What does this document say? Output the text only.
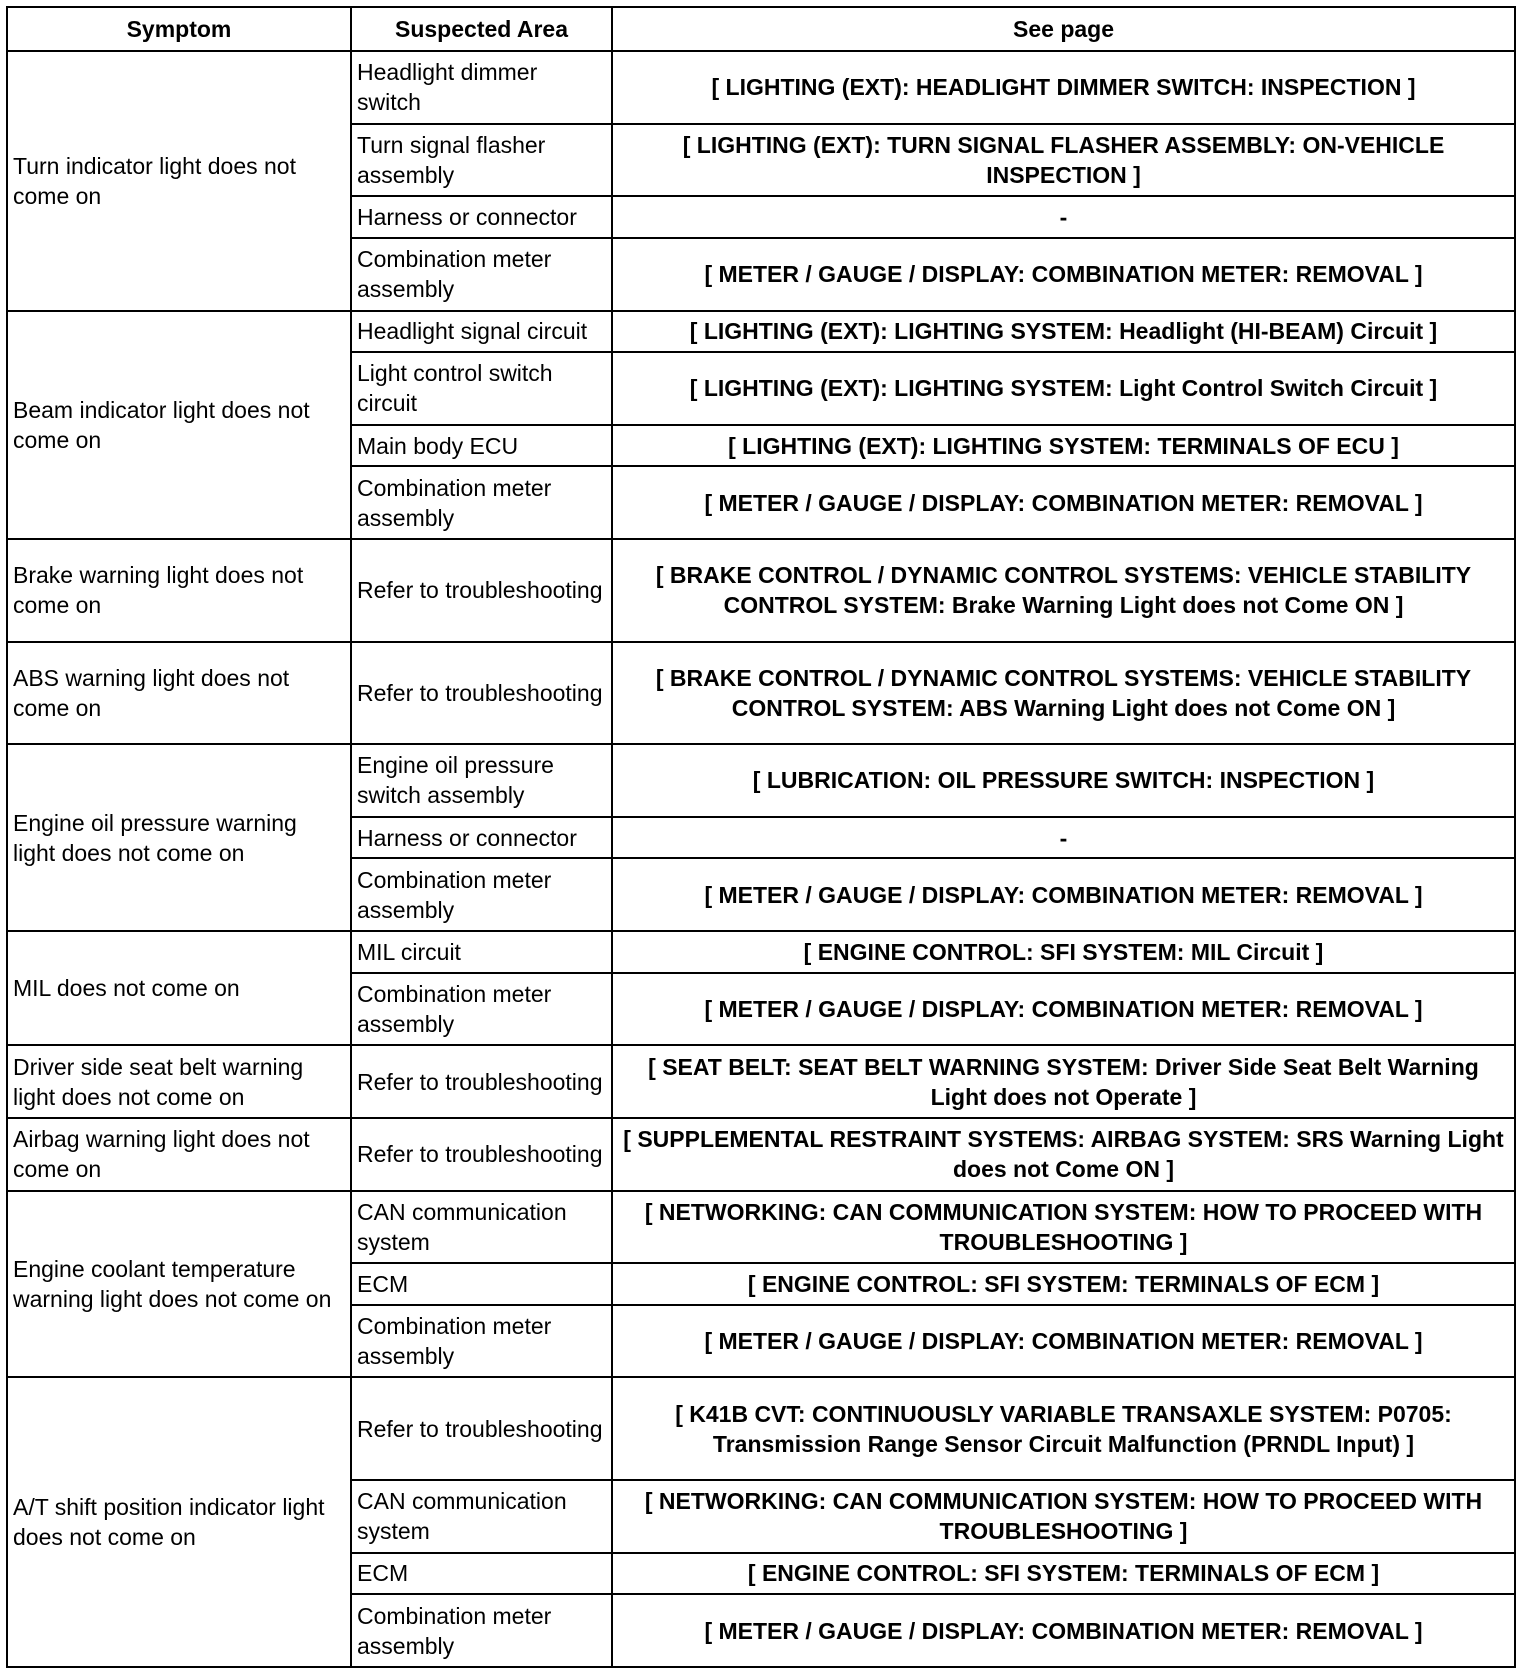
Symptom	Suspected Area	See page
Turn indicator light does not come on	Headlight dimmer switch	[ LIGHTING (EXT): HEADLIGHT DIMMER SWITCH: INSPECTION ]
	Turn signal flasher assembly	[ LIGHTING (EXT): TURN SIGNAL FLASHER ASSEMBLY: ON-VEHICLE INSPECTION ]
	Harness or connector	-
	Combination meter assembly	[ METER / GAUGE / DISPLAY: COMBINATION METER: REMOVAL ]
Beam indicator light does not come on	Headlight signal circuit	[ LIGHTING (EXT): LIGHTING SYSTEM: Headlight (HI-BEAM) Circuit ]
	Light control switch circuit	[ LIGHTING (EXT): LIGHTING SYSTEM: Light Control Switch Circuit ]
	Main body ECU	[ LIGHTING (EXT): LIGHTING SYSTEM: TERMINALS OF ECU ]
	Combination meter assembly	[ METER / GAUGE / DISPLAY: COMBINATION METER: REMOVAL ]
Brake warning light does not come on	Refer to troubleshooting	[ BRAKE CONTROL / DYNAMIC CONTROL SYSTEMS: VEHICLE STABILITY CONTROL SYSTEM: Brake Warning Light does not Come ON ]
ABS warning light does not come on	Refer to troubleshooting	[ BRAKE CONTROL / DYNAMIC CONTROL SYSTEMS: VEHICLE STABILITY CONTROL SYSTEM: ABS Warning Light does not Come ON ]
Engine oil pressure warning light does not come on	Engine oil pressure switch assembly	[ LUBRICATION: OIL PRESSURE SWITCH: INSPECTION ]
	Harness or connector	-
	Combination meter assembly	[ METER / GAUGE / DISPLAY: COMBINATION METER: REMOVAL ]
MIL does not come on	MIL circuit	[ ENGINE CONTROL: SFI SYSTEM: MIL Circuit ]
	Combination meter assembly	[ METER / GAUGE / DISPLAY: COMBINATION METER: REMOVAL ]
Driver side seat belt warning light does not come on	Refer to troubleshooting	[ SEAT BELT: SEAT BELT WARNING SYSTEM: Driver Side Seat Belt Warning Light does not Operate ]
Airbag warning light does not come on	Refer to troubleshooting	[ SUPPLEMENTAL RESTRAINT SYSTEMS: AIRBAG SYSTEM: SRS Warning Light does not Come ON ]
Engine coolant temperature warning light does not come on	CAN communication system	[ NETWORKING: CAN COMMUNICATION SYSTEM: HOW TO PROCEED WITH TROUBLESHOOTING ]
	ECM	[ ENGINE CONTROL: SFI SYSTEM: TERMINALS OF ECM ]
	Combination meter assembly	[ METER / GAUGE / DISPLAY: COMBINATION METER: REMOVAL ]
A/T shift position indicator light does not come on	Refer to troubleshooting	[ K41B CVT: CONTINUOUSLY VARIABLE TRANSAXLE SYSTEM: P0705: Transmission Range Sensor Circuit Malfunction (PRNDL Input) ]
	CAN communication system	[ NETWORKING: CAN COMMUNICATION SYSTEM: HOW TO PROCEED WITH TROUBLESHOOTING ]
	ECM	[ ENGINE CONTROL: SFI SYSTEM: TERMINALS OF ECM ]
	Combination meter assembly	[ METER / GAUGE / DISPLAY: COMBINATION METER: REMOVAL ]
